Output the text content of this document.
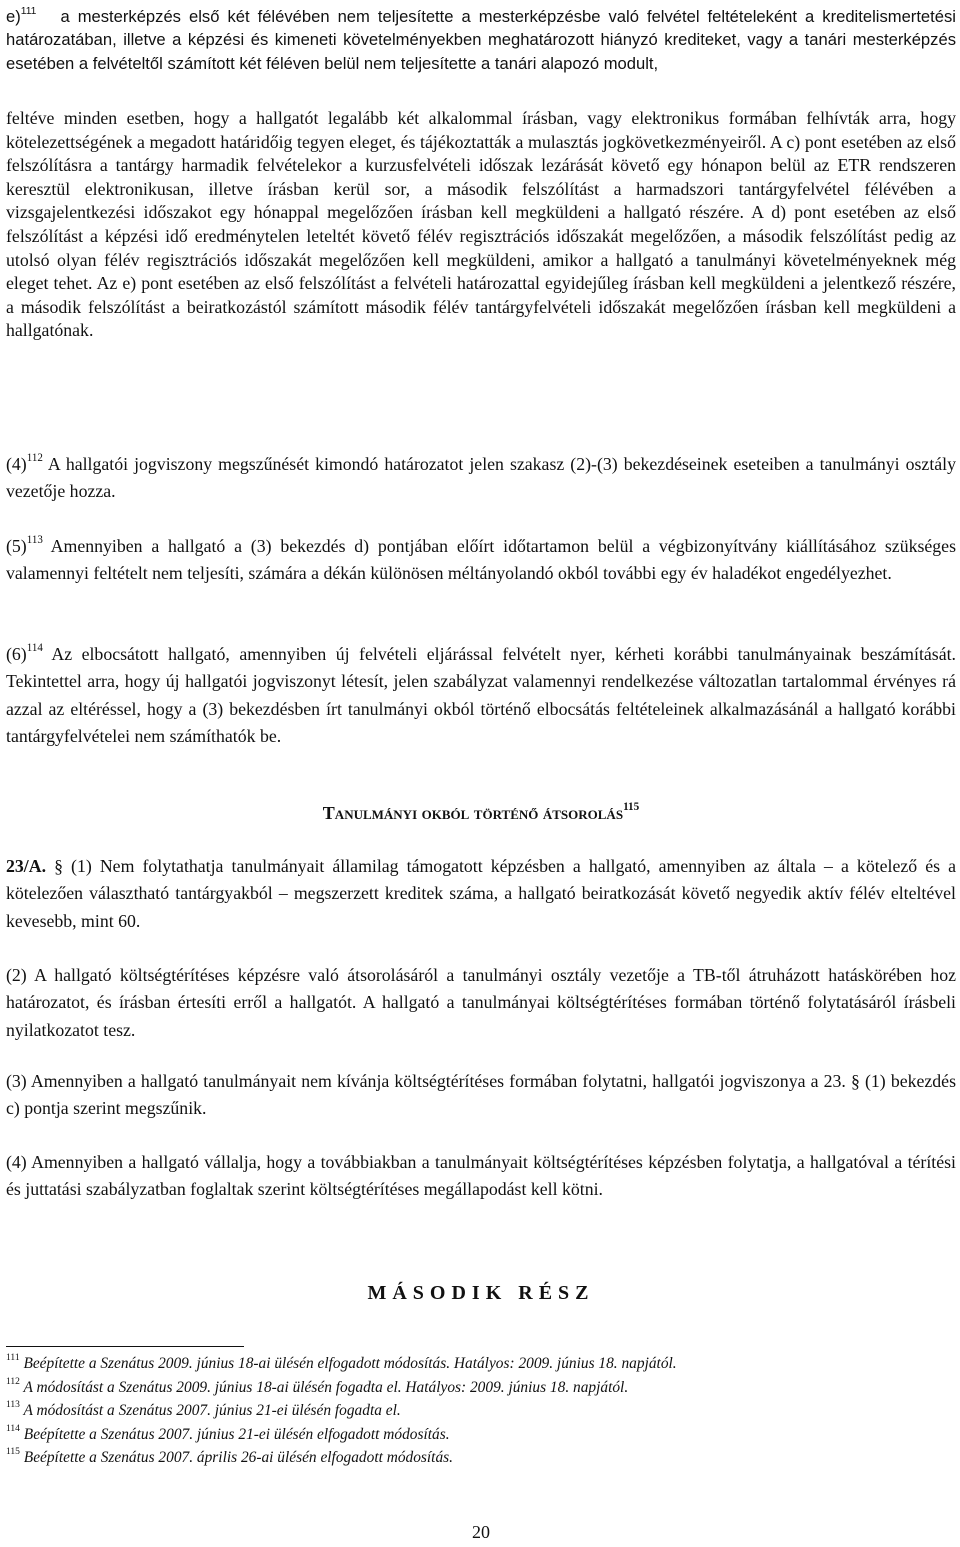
e)$^{111}$ a mesterképzés első két félévében nem teljesítette a mesterképzésbe való felvétel feltételeként a kreditelismertetési határozatában, illetve a képzési és kimeneti követelményekben meghatározott hiányzó krediteket, vagy a tanári mesterképzés esetében a felvételtől számított két féléven belül nem teljesítette a tanári alapozó modult,

feltéve minden esetben, hogy a hallgatót legalább két alkalommal írásban, vagy elektronikus formában felhívták arra, hogy kötelezettségének a megadott határidőig tegyen eleget, és tájékoztatták a mulasztás jogkövetkezményeiről. A c) pont esetében az első felszólításra a tantárgy harmadik felvételekor a kurzusfelvételi időszak lezárását követő egy hónapon belül az ETR rendszeren keresztül elektronikusan, illetve írásban kerül sor, a második felszólítást a harmadszori tantárgyfelvétel félévében a vizsgajelentkezési időszakot egy hónappal megelőzően írásban kell megküldeni a hallgató részére. A d) pont esetében az első felszólítást a képzési idő eredménytelen leteltét követő félév regisztrációs időszakát megelőzően, a második felszólítást pedig az utolsó olyan félév regisztrációs időszakát megelőzően kell megküldeni, amikor a hallgató a tanulmányi követelményeknek még eleget tehet. Az e) pont esetében az első felszólítást a felvételi határozattal egyidejűleg írásban kell megküldeni a jelentkező részére, a második felszólítást a beiratkozástól számított második félév tantárgyfelvételi időszakát megelőzően írásban kell megküldeni a hallgatónak.

$(4)^{112}$ A hallgatói jogviszony megszűnését kimondó határozatot jelen szakasz (2)-(3) bekezdéseinek eseteiben a tanulmányi osztály vezetője hozza.

$(5)^{113}$ Amennyiben a hallgató a (3) bekezdés d) pontjában előírt időtartamon belül a végbizonyítvány kiállításához szükséges valamennyi feltételt nem teljesíti, számára a dékán különösen méltányolandó okból további egy év haladékot engedélyezhet.

$(6)^{114}$ Az elbocsátott hallgató, amennyiben új felvételi eljárással felvételt nyer, kérheti korábbi tanulmányainak beszámítását. Tekintettel arra, hogy új hallgatói jogviszonyt létesít, jelen szabályzat valamennyi rendelkezése változatlan tartalommal érvényes rá azzal az eltéréssel, hogy a (3) bekezdésben írt tanulmányi okból történő elbocsátás feltételeinek alkalmazásánál a hallgató korábbi tantárgyfelvételei nem számíthatók be.

Tanulmányi okból történő átsorolás$^{115}$

23/A. § (1) Nem folytathatja tanulmányait államilag támogatott képzésben a hallgató, amennyiben az általa – a kötelező és a kötelezően választható tantárgyakból – megszerzett kreditek száma, a hallgató beiratkozását követő negyedik aktív félév elteltével kevesebb, mint 60.

(2) A hallgató költségtérítéses képzésre való átsorolásáról a tanulmányi osztály vezetője a TB-től átruházott hatáskörében hoz határozatot, és írásban értesíti erről a hallgatót. A hallgató a tanulmányai költségtérítéses formában történő folytatásáról írásbeli nyilatkozatot tesz.

(3) Amennyiben a hallgató tanulmányait nem kívánja költségtérítéses formában folytatni, hallgatói jogviszonya a 23. § (1) bekezdés c) pontja szerint megszűnik.

(4) Amennyiben a hallgató vállalja, hogy a továbbiakban a tanulmányait költségtérítéses képzésben folytatja, a hallgatóval a térítési és juttatási szabályzatban foglaltak szerint költségtérítéses megállapodást kell kötni.

MÁSODIK RÉSZ
$^{111}$ Beépítette a Szenátus 2009. június 18-ai ülésén elfogadott módosítás. Hatályos: 2009. június 18. napjától.
$^{112}$ A módosítást a Szenátus 2009. június 18-ai ülésén fogadta el. Hatályos: 2009. június 18. napjától.
$^{113}$ A módosítást a Szenátus 2007. június 21-ei ülésén fogadta el.
$^{114}$ Beépítette a Szenátus 2007. június 21-ei ülésén elfogadott módosítás.
$^{115}$ Beépítette a Szenátus 2007. április 26-ai ülésén elfogadott módosítás.
20
